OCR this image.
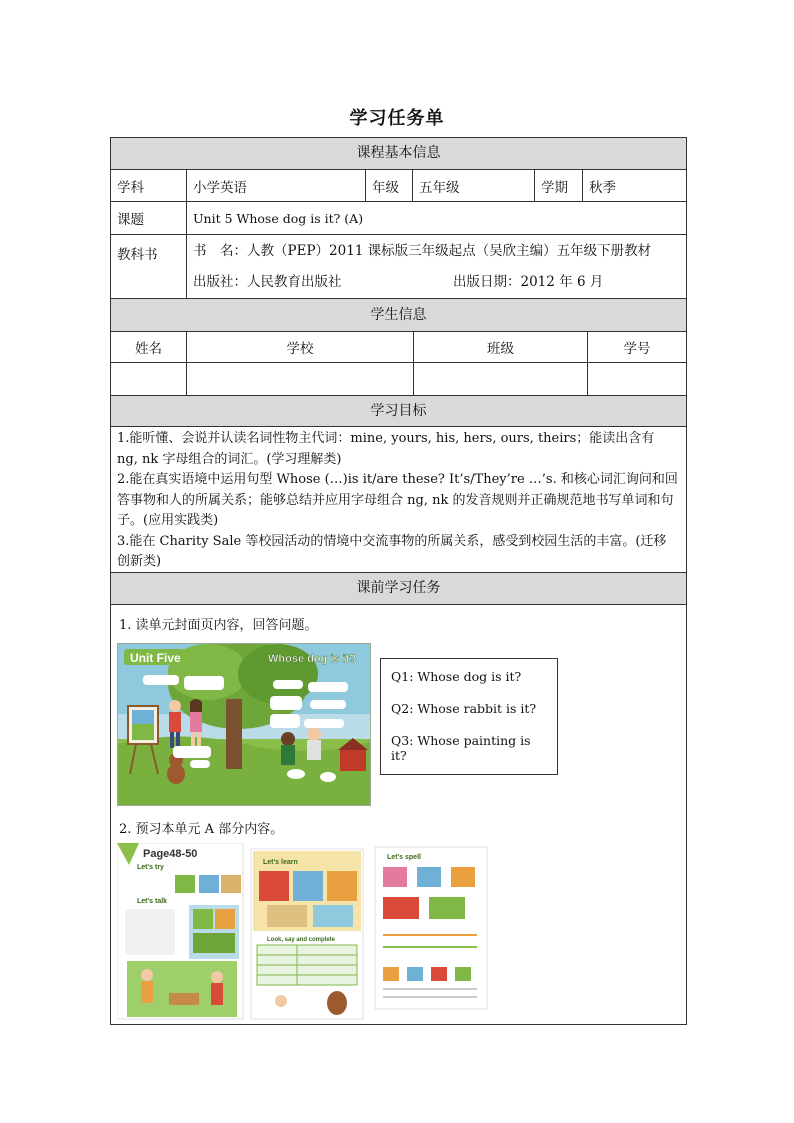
学习任务单
课程基本信息
学科	小学英语	年级	五年级	学期	秋季
课题	Unit 5 Whose dog is it? (A)
教科书	书　名：人教（PEP）2011 课标版三年级起点（吴欣主编）五年级下册教材
出版社：人民教育出版社	出版日期：2012 年 6 月
学生信息
姓名	学校	班级	学号
学习目标
1.能听懂、会说并认读名词性物主代词：mine, yours, his, hers, ours, theirs；能读出含有 ng, nk 字母组合的词汇。(学习理解类)
2.能在真实语境中运用句型 Whose (…)is it/are these? It’s/They’re …’s. 和核心词汇询问和回答事物和人的所属关系；能够总结并应用字母组合 ng, nk 的发音规则并正确规范地书写单词和句子。(应用实践类)
3.能在 Charity Sale 等校园活动的情境中交流事物的所属关系，感受到校园生活的丰富。(迁移创新类)
课前学习任务
1. 读单元封面页内容，回答问题。
Unit Five	Whose dog is it?
Q1: Whose dog is it?
Q2: Whose rabbit is it?
Q3: Whose painting is it?
2. 预习本单元 A 部分内容。
Page48-50
Let's try
Let's talk
Let's learn
Look, say and complete
Let's spell
